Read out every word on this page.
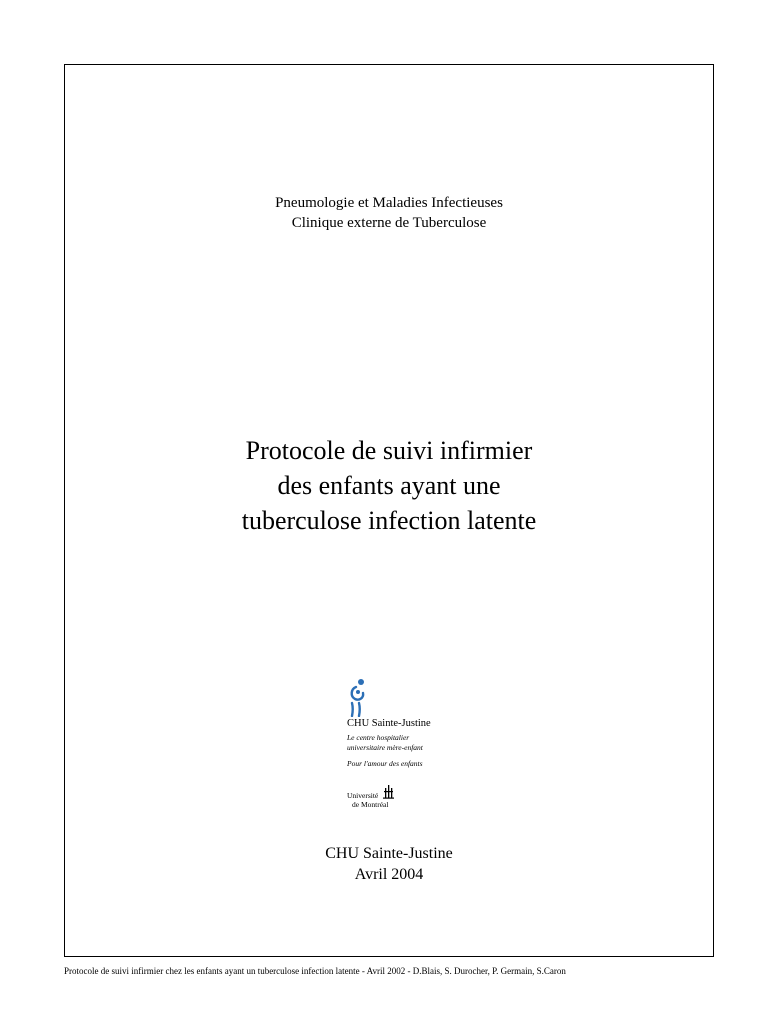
Pneumologie et Maladies Infectieuses
Clinique externe de Tuberculose
Protocole de suivi infirmier
des enfants ayant une
tuberculose infection latente
CHU Sainte-Justine
Le centre hospitalier
universitaire mère-enfant
Pour l'amour des enfants
Université
de Montréal
CHU Sainte-Justine
Avril 2004
Protocole de suivi infirmier chez les enfants ayant un tuberculose infection latente - Avril 2002 - D.Blais, S. Durocher, P. Germain, S.Caron
